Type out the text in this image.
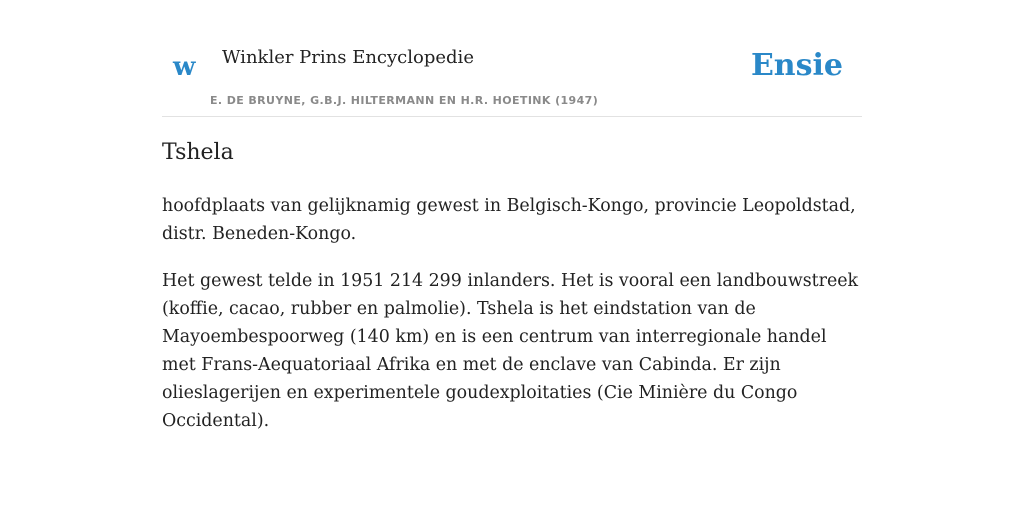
w Winkler Prins Encyclopedie
E. DE BRUYNE, G.B.J. HILTERMANN EN H.R. HOETINK (1947)
Ensie
Tshela

hoofdplaats van gelijknamig gewest in Belgisch-Kongo, provincie Leopoldstad, distr. Beneden-Kongo.

Het gewest telde in 1951 214 299 inlanders. Het is vooral een landbouwstreek (koffie, cacao, rubber en palmolie). Tshela is het eindstation van de Mayoembespoorweg (140 km) en is een centrum van interregionale handel met Frans-Aequatoriaal Afrika en met de enclave van Cabinda. Er zijn olieslagerijen en experimentele goudexploitaties (Cie Minière du Congo Occidental).
